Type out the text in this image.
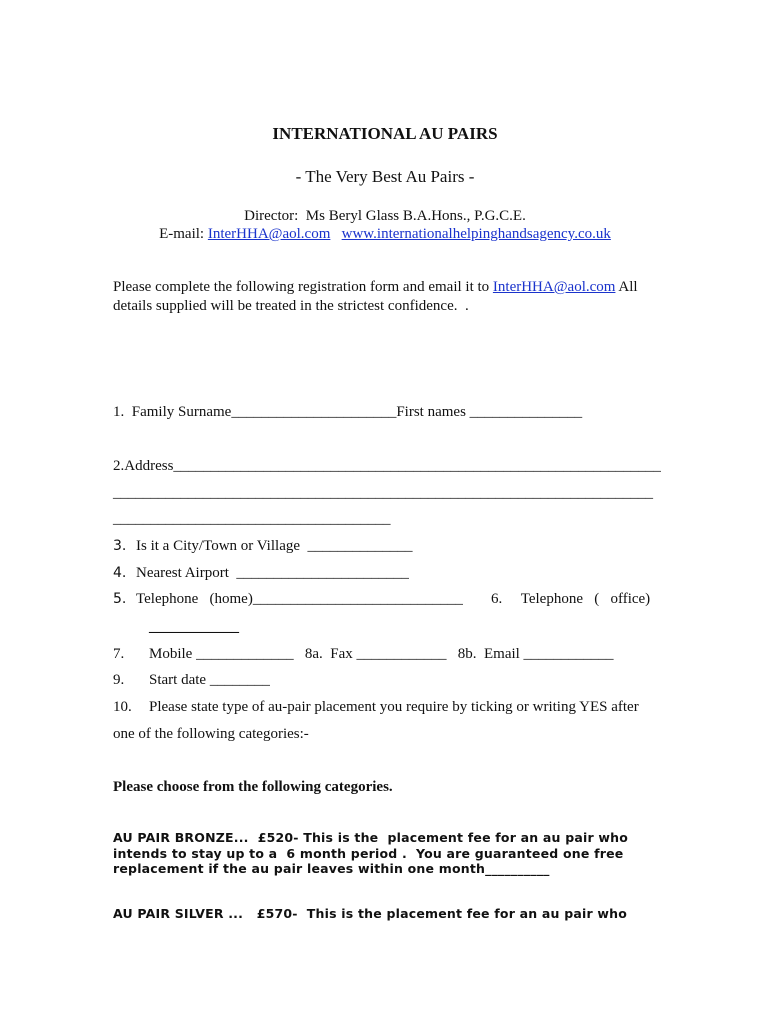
INTERNATIONAL AU PAIRS
- The Very Best Au Pairs -
Director:  Ms Beryl Glass B.A.Hons., P.G.C.E.
E-mail: InterHHA@aol.com www.internationalhelpinghandsagency.co.uk
Please complete the following registration form and email it to InterHHA@aol.com All
details supplied will be treated in the strictest confidence.  .
1.  Family Surname______________________First names _______________
2.Address_________________________________________________________________
________________________________________________________________________
_____________________________________
3. Is it a City/Town or Village  ______________
4. Nearest Airport  _______________________
5. Telephone   (home)____________________________ 6.     Telephone   (   office)
____________
7. Mobile _____________   8a.  Fax ____________   8b.  Email ____________
9. Start date ________
10. Please state type of au-pair placement you require by ticking or writing YES after
one of the following categories:-
Please choose from the following categories.
AU PAIR BRONZE...  £520- This is the  placement fee for an au pair who
intends to stay up to a  6 month period .  You are guaranteed one free
replacement if the au pair leaves within one month__________
AU PAIR SILVER ...   £570-  This is the placement fee for an au pair who
